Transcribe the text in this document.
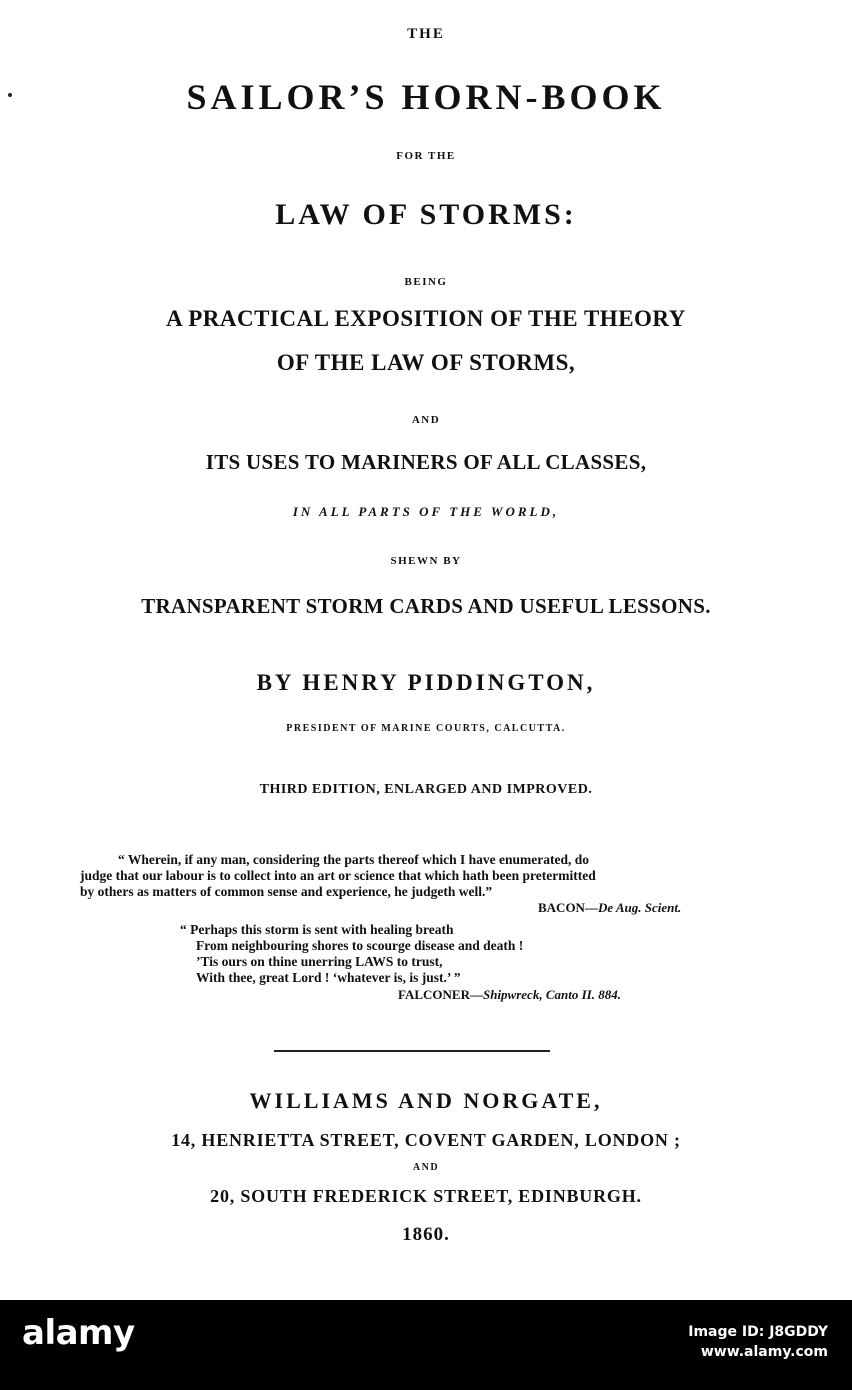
THE
SAILOR’S HORN-BOOK
FOR THE
LAW OF STORMS:
BEING
A PRACTICAL EXPOSITION OF THE THEORY
OF THE LAW OF STORMS,
AND
ITS USES TO MARINERS OF ALL CLASSES,
IN ALL PARTS OF THE WORLD,
SHEWN BY
TRANSPARENT STORM CARDS AND USEFUL LESSONS.
BY HENRY PIDDINGTON,
PRESIDENT OF MARINE COURTS, CALCUTTA.
THIRD EDITION, ENLARGED AND IMPROVED.
“ Wherein, if any man, considering the parts thereof which I have enumerated, do
judge that our labour is to collect into an art or science that which hath been pretermitted
by others as matters of common sense and experience, he judgeth well.”
BACON—De Aug. Scient.
“ Perhaps this storm is sent with healing breath
From neighbouring shores to scourge disease and death !
’Tis ours on thine unerring LAWS to trust,
With thee, great Lord ! ‘whatever is, is just.’ ”
FALCONER—Shipwreck, Canto II. 884.
WILLIAMS AND NORGATE,
14, HENRIETTA STREET, COVENT GARDEN, LONDON ;
AND
20, SOUTH FREDERICK STREET, EDINBURGH.
1860.
alamy	Image ID: J8GDDY
www.alamy.com
